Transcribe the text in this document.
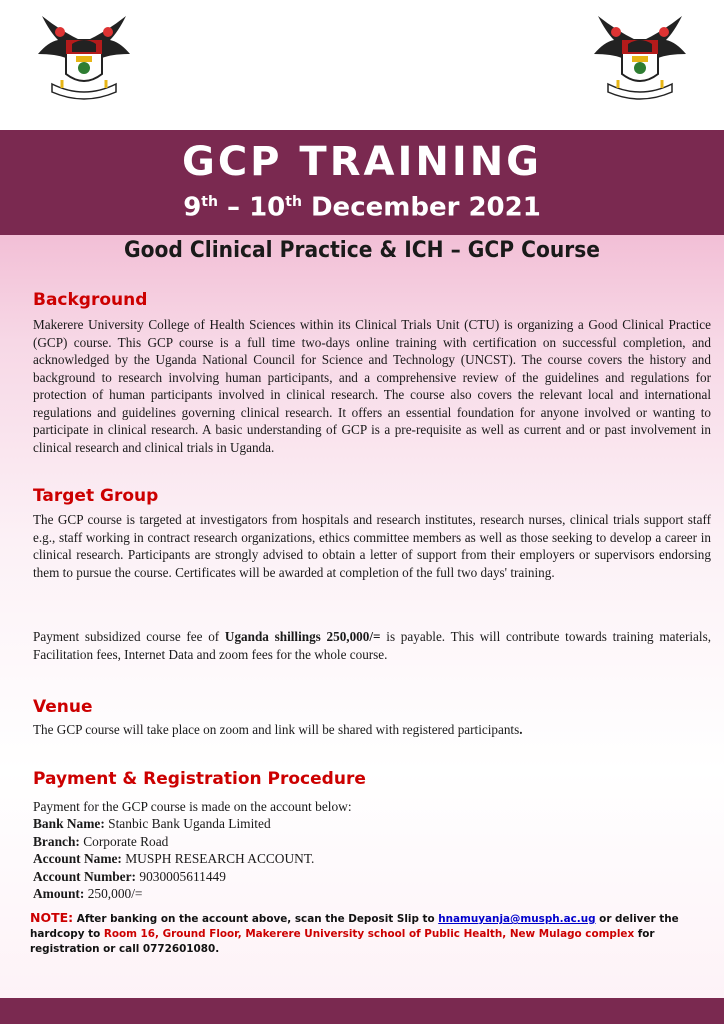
GCP TRAINING
9th – 10th December 2021
Good Clinical Practice & ICH – GCP Course
Background
Makerere University College of Health Sciences within its Clinical Trials Unit (CTU) is organizing a Good Clinical Practice (GCP) course. This GCP course is a full time two-days online training with certification on successful completion, and acknowledged by the Uganda National Council for Science and Technology (UNCST). The course covers the history and background to research involving human participants, and a comprehensive review of the guidelines and regulations for protection of human participants involved in clinical research. The course also covers the relevant local and international regulations and guidelines governing clinical research. It offers an essential foundation for anyone involved or wanting to participate in clinical research. A basic understanding of GCP is a pre-requisite as well as current and or past involvement in clinical research and clinical trials in Uganda.
Target Group
The GCP course is targeted at investigators from hospitals and research institutes, research nurses, clinical trials support staff e.g., staff working in contract research organizations, ethics committee members as well as those seeking to develop a career in clinical research. Participants are strongly advised to obtain a letter of support from their employers or supervisors endorsing them to pursue the course. Certificates will be awarded at completion of the full two days' training.
Payment subsidized course fee of Uganda shillings 250,000/= is payable. This will contribute towards training materials, Facilitation fees, Internet Data and zoom fees for the whole course.
Venue
The GCP course will take place on zoom and link will be shared with registered participants.
Payment & Registration Procedure
Payment for the GCP course is made on the account below:
Bank Name: Stanbic Bank Uganda Limited
Branch: Corporate Road
Account Name: MUSPH RESEARCH ACCOUNT.
Account Number: 9030005611449
Amount: 250,000/=
NOTE: After banking on the account above, scan the Deposit Slip to hnamuyanja@musph.ac.ug or deliver the hardcopy to Room 16, Ground Floor, Makerere University school of Public Health, New Mulago complex for registration or call 0772601080.
